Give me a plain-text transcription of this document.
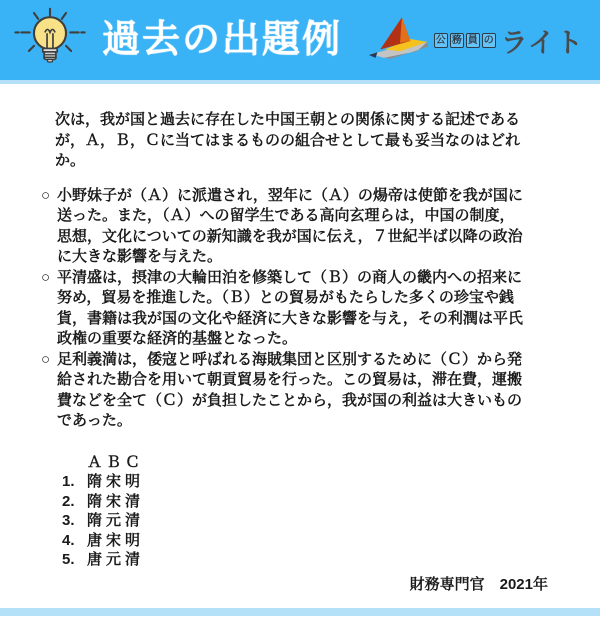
過去の出題例	公 務 員 の ライト
次は，我が国と過去に存在した中国王朝との関係に関する記述である
が，Ａ，Ｂ，Ｃに当てはまるものの組合せとして最も妥当なのはどれ
か。
○ 小野妹子が（Ａ）に派遣され，翌年に（Ａ）の煬帝は使節を我が国に
送った。また，（Ａ）への留学生である高向玄理らは，中国の制度，
思想，文化についての新知識を我が国に伝え，７世紀半ば以降の政治
に大きな影響を与えた。
○ 平清盛は，摂津の大輪田泊を修築して（Ｂ）の商人の畿内への招来に
努め，貿易を推進した。（Ｂ）との貿易がもたらした多くの珍宝や銭
貨，書籍は我が国の文化や経済に大きな影響を与え，その利潤は平氏
政権の重要な経済的基盤となった。
○ 足利義満は，倭寇と呼ばれる海賊集団と区別するために（Ｃ）から発
給された勘合を用いて朝貢貿易を行った。この貿易は，滞在費，運搬
費などを全て（Ｃ）が負担したことから，我が国の利益は大きいもの
であった。
Ａ Ｂ Ｃ
1. 隋 宋 明
2. 隋 宋 清
3. 隋 元 清
4. 唐 宋 明
5. 唐 元 清
財務専門官　2021年
